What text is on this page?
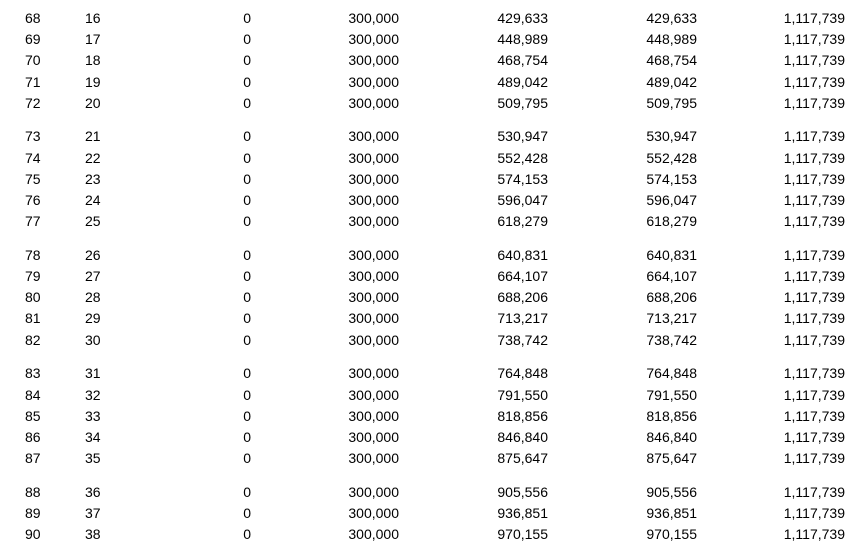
68	16	0	300,000	429,633	429,633	1,117,739
69	17	0	300,000	448,989	448,989	1,117,739
70	18	0	300,000	468,754	468,754	1,117,739
71	19	0	300,000	489,042	489,042	1,117,739
72	20	0	300,000	509,795	509,795	1,117,739
73	21	0	300,000	530,947	530,947	1,117,739
74	22	0	300,000	552,428	552,428	1,117,739
75	23	0	300,000	574,153	574,153	1,117,739
76	24	0	300,000	596,047	596,047	1,117,739
77	25	0	300,000	618,279	618,279	1,117,739
78	26	0	300,000	640,831	640,831	1,117,739
79	27	0	300,000	664,107	664,107	1,117,739
80	28	0	300,000	688,206	688,206	1,117,739
81	29	0	300,000	713,217	713,217	1,117,739
82	30	0	300,000	738,742	738,742	1,117,739
83	31	0	300,000	764,848	764,848	1,117,739
84	32	0	300,000	791,550	791,550	1,117,739
85	33	0	300,000	818,856	818,856	1,117,739
86	34	0	300,000	846,840	846,840	1,117,739
87	35	0	300,000	875,647	875,647	1,117,739
88	36	0	300,000	905,556	905,556	1,117,739
89	37	0	300,000	936,851	936,851	1,117,739
90	38	0	300,000	970,155	970,155	1,117,739
